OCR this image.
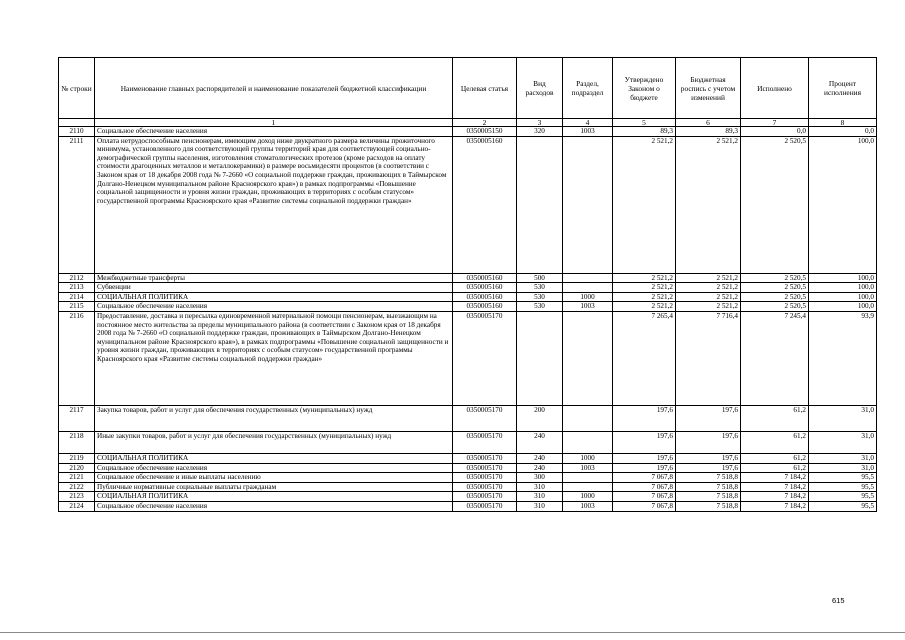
№ строки	Наименование главных распорядителей и наименование показателей бюджетной классификации	Целевая статья	Вид расходов	Раздел, подраздел	Утверждено Законом о бюджете	Бюджетная роспись с учетом изменений	Исполнено	Процент исполнения
	1	2	3	4	5	6	7	8
2110	Социальное обеспечение населения	0350005150	320	1003	89,3	89,3	0,0	0,0
2111	Оплата нетрудоспособным пенсионерам, имеющим доход ниже двукратного размера величины прожиточного минимума, установленного для соответствующей группы территорий края для соответствующей социально-демографической группы населения, изготовления стоматологических протезов (кроме расходов на оплату стоимости драгоценных металлов и металлокерамики) в размере восьмидесяти процентов (в соответствии с Законом края от 18 декабря 2008 года № 7-2660 «О социальной поддержке граждан, проживающих в Таймырском Долгано-Ненецком муниципальном районе Красноярского края») в рамках подпрограммы «Повышение социальной защищенности и уровня жизни граждан, проживающих в территориях с особым статусом» государственной программы Красноярского края «Развитие системы социальной поддержки граждан»	0350005160			2 521,2	2 521,2	2 520,5	100,0
2112	Межбюджетные трансферты	0350005160	500		2 521,2	2 521,2	2 520,5	100,0
2113	Субвенции	0350005160	530		2 521,2	2 521,2	2 520,5	100,0
2114	СОЦИАЛЬНАЯ ПОЛИТИКА	0350005160	530	1000	2 521,2	2 521,2	2 520,5	100,0
2115	Социальное обеспечение населения	0350005160	530	1003	2 521,2	2 521,2	2 520,5	100,0
2116	Предоставление, доставка и пересылка единовременной материальной помощи пенсионерам, выезжающим на постоянное место жительства за пределы муниципального района (в соответствии с Законом края от 18 декабря 2008 года № 7-2660 «О социальной поддержке граждан, проживающих в Таймырском Долгано-Ненецком муниципальном районе Красноярского края»), в рамках подпрограммы «Повышение социальной защищенности и уровня жизни граждан, проживающих в территориях с особым статусом» государственной программы Красноярского края «Развитие системы социальной поддержки граждан»	0350005170			7 265,4	7 716,4	7 245,4	93,9
2117	Закупка товаров, работ и услуг для обеспечения государственных (муниципальных) нужд	0350005170	200		197,6	197,6	61,2	31,0
2118	Иные закупки товаров, работ и услуг для обеспечения государственных (муниципальных) нужд	0350005170	240		197,6	197,6	61,2	31,0
2119	СОЦИАЛЬНАЯ ПОЛИТИКА	0350005170	240	1000	197,6	197,6	61,2	31,0
2120	Социальное обеспечение населения	0350005170	240	1003	197,6	197,6	61,2	31,0
2121	Социальное обеспечение и иные выплаты населению	0350005170	300		7 067,8	7 518,8	7 184,2	95,5
2122	Публичные нормативные социальные выплаты гражданам	0350005170	310		7 067,8	7 518,8	7 184,2	95,5
2123	СОЦИАЛЬНАЯ ПОЛИТИКА	0350005170	310	1000	7 067,8	7 518,8	7 184,2	95,5
2124	Социальное обеспечение населения	0350005170	310	1003	7 067,8	7 518,8	7 184,2	95,5
615
